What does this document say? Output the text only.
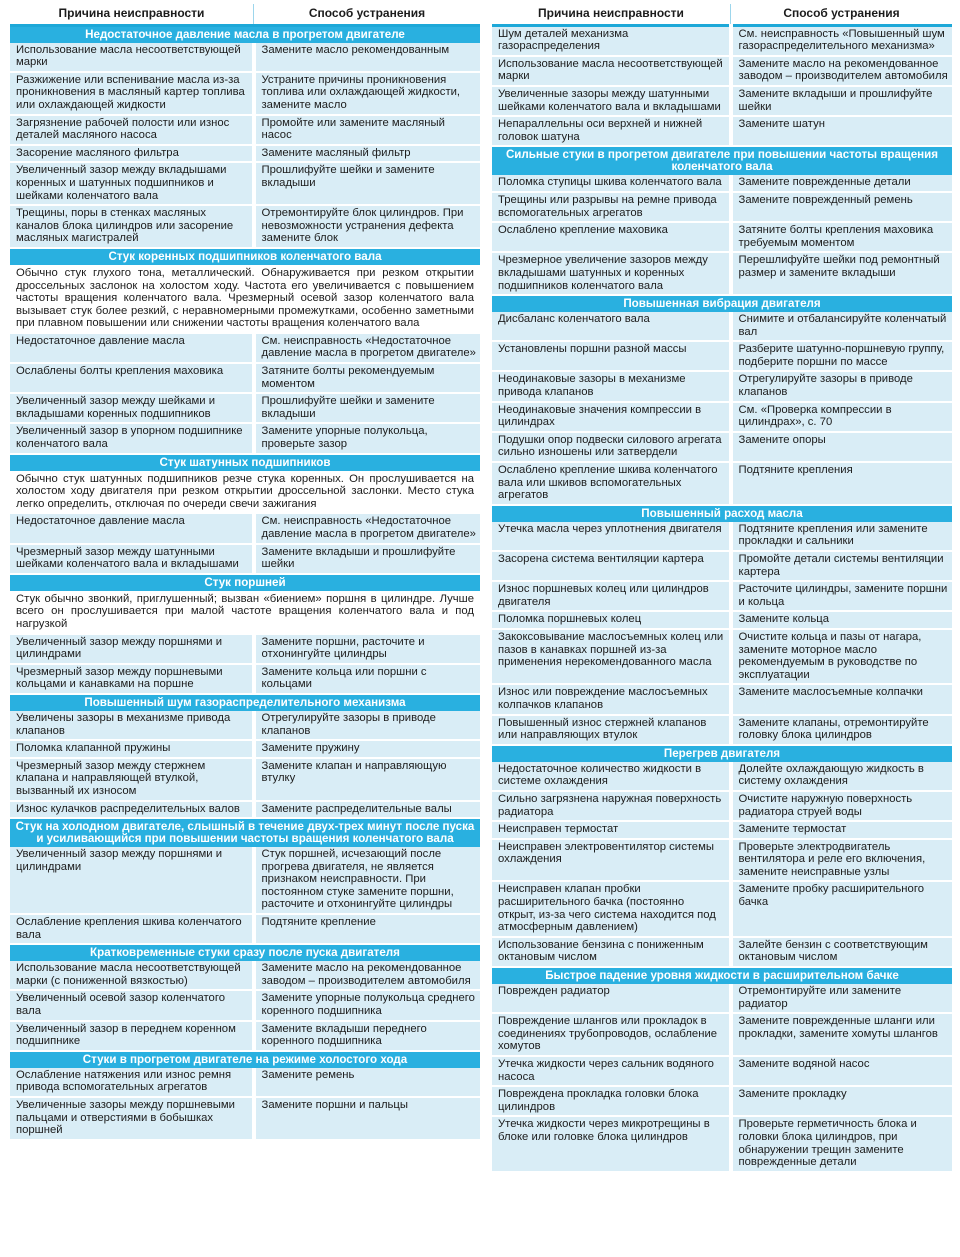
Причина неисправности	Способ устранения
Недостаточное давление масла в прогретом двигателе	
Использование масла несоответствующей марки	Замените масло рекомендованным
Разжижение или вспенивание масла из-за проникновения в масляный картер топлива или охлаждающей жидкости	Устраните причины проникновения топлива или охлаждающей жидкости, замените масло
Загрязнение рабочей полости или износ деталей масляного насоса	Промойте или замените масляный насос
Засорение масляного фильтра	Замените масляный фильтр
Увеличенный зазор между вкладышами коренных и шатунных подшипников и шейками коленчатого вала	Прошлифуйте шейки и замените вкладыши
Трещины, поры в стенках масляных каналов блока цилиндров или засорение масляных магистралей	Отремонтируйте блок цилиндров. При невозможности устранения дефекта замените блок
Стук коренных подшипников коленчатого вала	
Обычно стук глухого тона, металлический. Обнаруживается при резком открытии дроссельных заслонок на холостом ходу. Частота его увеличивается с повышением частоты вращения коленчатого вала. Чрезмерный осевой зазор коленчатого вала вызывает стук более резкий, с неравномерными промежутками, особенно заметными при плавном повышении или снижении частоты вращения коленчатого вала	
Недостаточное давление масла	См. неисправность «Недостаточное давление масла в прогретом двигателе»
Ослаблены болты крепления маховика	Затяните болты рекомендуемым моментом
Увеличенный зазор между шейками и вкладышами коренных подшипников	Прошлифуйте шейки и замените вкладыши
Увеличенный зазор в упорном подшипнике коленчатого вала	Замените упорные полукольца, проверьте зазор
Стук шатунных подшипников	
Обычно стук шатунных подшипников резче стука коренных. Он прослушивается на холостом ходу двигателя при резком открытии дроссельной заслонки. Место стука легко определить, отключая по очереди свечи зажигания	
Недостаточное давление масла	См. неисправность «Недостаточное давление масла в прогретом двигателе»
Чрезмерный зазор между шатунными шейками коленчатого вала и вкладышами	Замените вкладыши и прошлифуйте шейки
Стук поршней	
Стук обычно звонкий, приглушенный; вызван «биением» поршня в цилиндре. Лучше всего он прослушивается при малой частоте вращения коленчатого вала и под нагрузкой	
Увеличенный зазор между поршнями и цилиндрами	Замените поршни, расточите и отхонингуйте цилиндры
Чрезмерный зазор между поршневыми кольцами и канавками на поршне	Замените кольца или поршни с кольцами
Повышенный шум газораспределительного механизма	
Увеличены зазоры в механизме привода клапанов	Отрегулируйте зазоры в приводе клапанов
Поломка клапанной пружины	Замените пружину
Чрезмерный зазор между стержнем клапана и направляющей втулкой, вызванный их износом	Замените клапан и направляющую втулку
Износ кулачков распределительных валов	Замените распределительные валы
Стук на холодном двигателе, слышный в течение двух-трех минут после пуска и усиливающийся при повышении частоты вращения коленчатого вала	
Увеличенный зазор между поршнями и цилиндрами	Стук поршней, исчезающий после прогрева двигателя, не является признаком неисправности. При постоянном стуке замените поршни, расточите и отхонингуйте цилиндры
Ослабление крепления шкива коленчатого вала	Подтяните крепление
Кратковременные стуки сразу после пуска двигателя	
Использование масла несоответствующей марки (с пониженной вязкостью)	Замените масло на рекомендованное заводом – производителем автомобиля
Увеличенный осевой зазор коленчатого вала	Замените упорные полукольца среднего коренного подшипника
Увеличенный зазор в переднем коренном подшипнике	Замените вкладыши переднего коренного подшипника
Стуки в прогретом двигателе на режиме холостого хода	
Ослабление натяжения или износ ремня привода вспомогательных агрегатов	Замените ремень
Увеличенные зазоры между поршневыми пальцами и отверстиями в бобышках поршней	Замените поршни и пальцы
Причина неисправности	Способ устранения
Шум деталей механизма газораспределения	См. неисправность «Повышенный шум газораспределительного механизма»
Использование масла несоответствующей марки	Замените масло на рекомендованное заводом – производителем автомобиля
Увеличенные зазоры между шатунными шейками коленчатого вала и вкладышами	Замените вкладыши и прошлифуйте шейки
Непараллельны оси верхней и нижней головок шатуна	Замените шатун
Сильные стуки в прогретом двигателе при повышении частоты вращения коленчатого вала	
Поломка ступицы шкива коленчатого вала	Замените поврежденные детали
Трещины или разрывы на ремне привода вспомогательных агрегатов	Замените поврежденный ремень
Ослаблено крепление маховика	Затяните болты крепления маховика требуемым моментом
Чрезмерное увеличение зазоров между вкладышами шатунных и коренных подшипников коленчатого вала	Перешлифуйте шейки под ремонтный размер и замените вкладыши
Повышенная вибрация двигателя	
Дисбаланс коленчатого вала	Снимите и отбалансируйте коленчатый вал
Установлены поршни разной массы	Разберите шатунно-поршневую группу, подберите поршни по массе
Неодинаковые зазоры в механизме привода клапанов	Отрегулируйте зазоры в приводе клапанов
Неодинаковые значения компрессии в цилиндрах	См. «Проверка компрессии в цилиндрах», с. 70
Подушки опор подвески силового агрегата сильно изношены или затвердели	Замените опоры
Ослаблено крепление шкива коленчатого вала или шкивов вспомогательных агрегатов	Подтяните крепления
Повышенный расход масла	
Утечка масла через уплотнения двигателя	Подтяните крепления или замените прокладки и сальники
Засорена система вентиляции картера	Промойте детали системы вентиляции картера
Износ поршневых колец или цилиндров двигателя	Расточите цилиндры, замените поршни и кольца
Поломка поршневых колец	Замените кольца
Закоксовывание маслосъемных колец или пазов в канавках поршней из-за применения нерекомендованного масла	Очистите кольца и пазы от нагара, замените моторное масло рекомендуемым в руководстве по эксплуатации
Износ или повреждение маслосъемных колпачков клапанов	Замените маслосъемные колпачки
Повышенный износ стержней клапанов или направляющих втулок	Замените клапаны, отремонтируйте головку блока цилиндров
Перегрев двигателя	
Недостаточное количество жидкости в системе охлаждения	Долейте охлаждающую жидкость в систему охлаждения
Сильно загрязнена наружная поверхность радиатора	Очистите наружную поверхность радиатора струей воды
Неисправен термостат	Замените термостат
Неисправен электровентилятор системы охлаждения	Проверьте электродвигатель вентилятора и реле его включения, замените неисправные узлы
Неисправен клапан пробки расширительного бачка (постоянно открыт, из-за чего система находится под атмосферным давлением)	Замените пробку расширительного бачка
Использование бензина с пониженным октановым числом	Залейте бензин с соответствующим октановым числом
Быстрое падение уровня жидкости в расширительном бачке	
Поврежден радиатор	Отремонтируйте или замените радиатор
Повреждение шлангов или прокладок в соединениях трубопроводов, ослабление хомутов	Замените поврежденные шланги или прокладки, замените хомуты шлангов
Утечка жидкости через сальник водяного насоса	Замените водяной насос
Повреждена прокладка головки блока цилиндров	Замените прокладку
Утечка жидкости через микротрещины в блоке или головке блока цилиндров	Проверьте герметичность блока и головки блока цилиндров, при обнаружении трещин замените поврежденные детали
